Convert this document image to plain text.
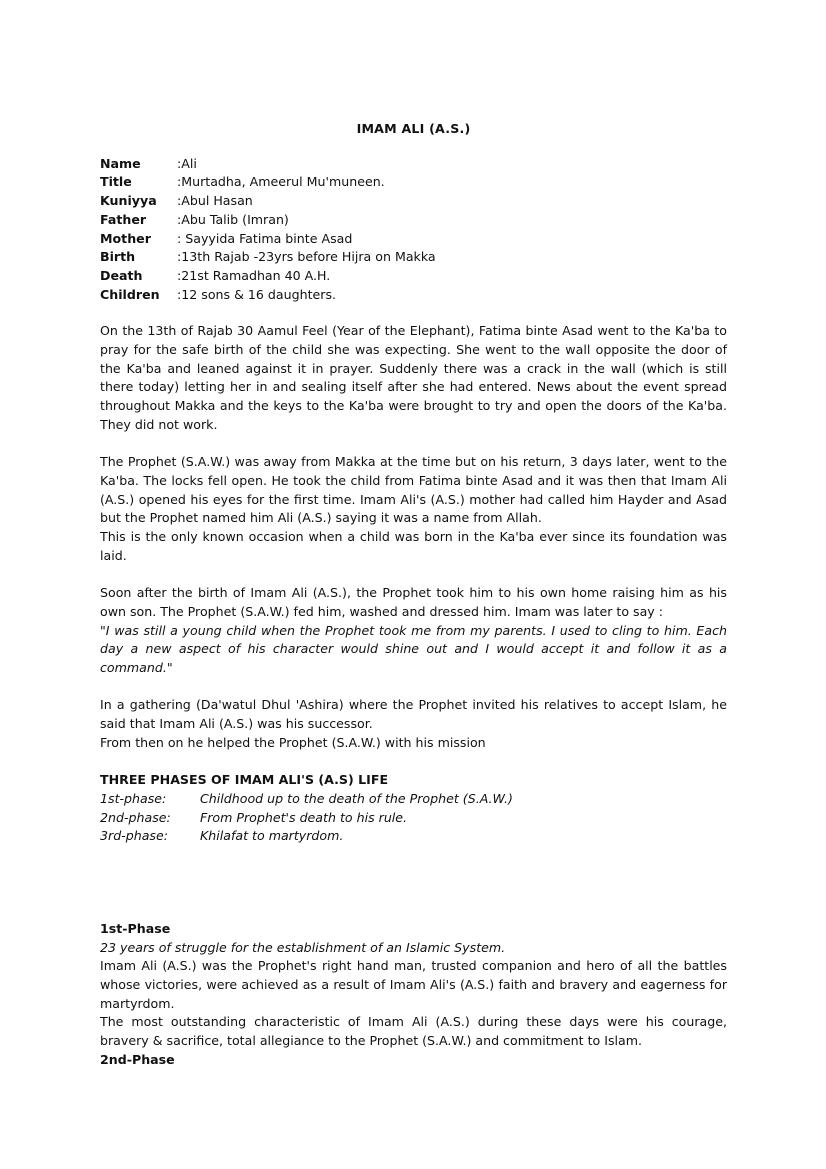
IMAM ALI (A.S.)
Name	:Ali
Title	:Murtadha, Ameerul Mu'muneen.
Kuniyya	:Abul Hasan
Father	:Abu Talib (Imran)
Mother	: Sayyida Fatima binte Asad
Birth	:13th Rajab -23yrs before Hijra on Makka
Death	:21st Ramadhan 40 A.H.
Children	:12 sons & 16 daughters.

On the 13th of Rajab 30 Aamul Feel (Year of the Elephant), Fatima binte Asad went to the Ka'ba to pray for the safe birth of the child she was expecting. She went to the wall opposite the door of the Ka'ba and leaned against it in prayer. Suddenly there was a crack in the wall (which is still there today) letting her in and sealing itself after she had entered. News about the event spread throughout Makka and the keys to the Ka'ba were brought to try and open the doors of the Ka'ba. They did not work.

The Prophet (S.A.W.) was away from Makka at the time but on his return, 3 days later, went to the Ka'ba. The locks fell open. He took the child from Fatima binte Asad and it was then that Imam Ali (A.S.) opened his eyes for the first time. Imam Ali's (A.S.) mother had called him Hayder and Asad but the Prophet named him Ali (A.S.) saying it was a name from Allah.

This is the only known occasion when a child was born in the Ka'ba ever since its foundation was laid.

Soon after the birth of Imam Ali (A.S.), the Prophet took him to his own home raising him as his own son. The Prophet (S.A.W.) fed him, washed and dressed him. Imam was later to say :

"I was still a young child when the Prophet took me from my parents. I used to cling to him. Each day a new aspect of his character would shine out and I would accept it and follow it as a command."

In a gathering (Da'watul Dhul 'Ashira) where the Prophet invited his relatives to accept Islam, he said that Imam Ali (A.S.) was his successor.

From then on he helped the Prophet (S.A.W.) with his mission

THREE PHASES OF IMAM ALI'S (A.S) LIFE
1st-phase:	Childhood up to the death of the Prophet (S.A.W.)
2nd-phase:	From Prophet's death to his rule.
3rd-phase:	Khilafat to martyrdom.
1st-Phase
23 years of struggle for the establishment of an Islamic System.

Imam Ali (A.S.) was the Prophet's right hand man, trusted companion and hero of all the battles whose victories, were achieved as a result of Imam Ali's (A.S.) faith and bravery and eagerness for martyrdom.

The most outstanding characteristic of Imam Ali (A.S.) during these days were his courage, bravery & sacrifice, total allegiance to the Prophet (S.A.W.) and commitment to Islam.

2nd-Phase
